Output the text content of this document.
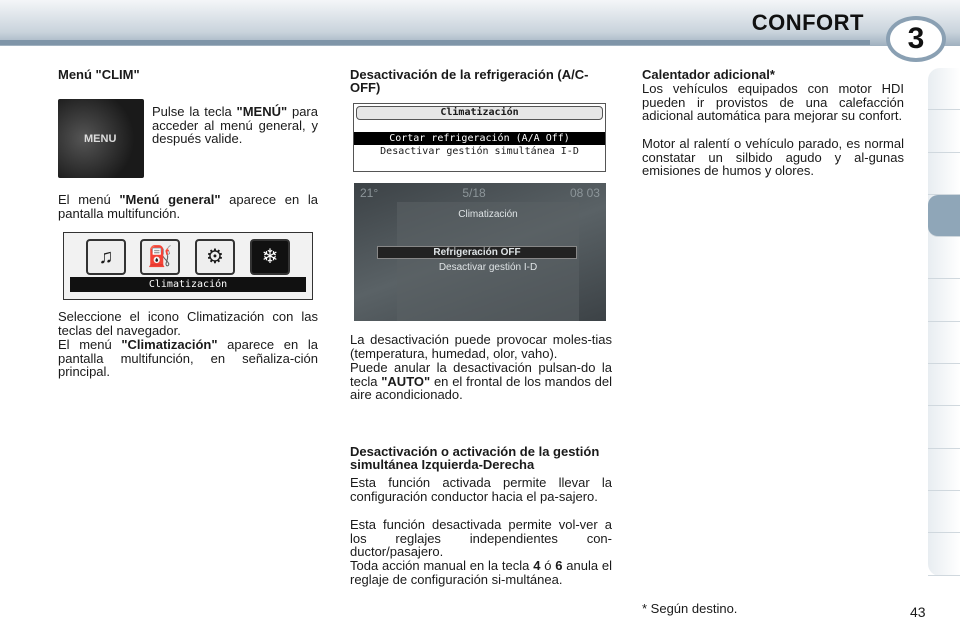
CONFORT	3
Menú "CLIM"
MENU

Pulse la tecla "MENÚ" para acceder al menú general, y después valide.

El menú "Menú general" aparece en la pantalla multifunción.

♫	⛽	⚙	❄
Climatización

Seleccione el icono Climatización con las teclas del navegador.

El menú "Climatización" aparece en la pantalla multifunción, en señaliza-ción principal.

Desactivación de la refrigeración (A/C-OFF)
Climatización
Cortar refrigeración (A/A Off)
Desactivar gestión simultánea I-D
21°	5/18	08 03
Climatización
Refrigeración OFF
Desactivar gestión I-D

La desactivación puede provocar moles-tias (temperatura, humedad, olor, vaho).

Puede anular la desactivación pulsan-do la tecla "AUTO" en el frontal de los mandos del aire acondicionado.

Desactivación o activación de la gestión simultánea Izquierda-Derecha

Esta función activada permite llevar la configuración conductor hacia el pa-sajero.

Esta función desactivada permite vol-ver a los reglajes independientes con-ductor/pasajero.

Toda acción manual en la tecla 4 ó 6 anula el reglaje de configuración si-multánea.

Calentador adicional*

Los vehículos equipados con motor HDI pueden ir provistos de una calefacción adicional automática para mejorar su confort.

Motor al ralentí o vehículo parado, es normal constatar un silbido agudo y al-gunas emisiones de humos y olores.

* Según destino.	43
